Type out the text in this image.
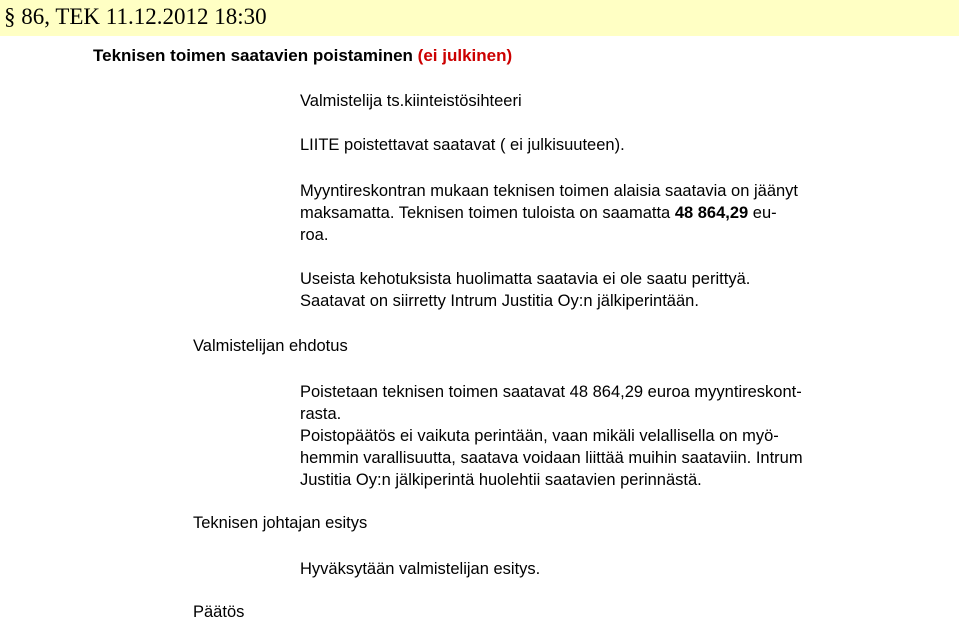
§ 86, TEK 11.12.2012 18:30
Teknisen toimen saatavien poistaminen (ei julkinen)
Valmistelija ts.kiinteistösihteeri
LIITE poistettavat saatavat ( ei julkisuuteen).
Myyntireskontran mukaan teknisen toimen alaisia saatavia on jäänyt
maksamatta. Teknisen toimen tuloista on saamatta 48 864,29 eu-
roa.
Useista kehotuksista huolimatta saatavia ei ole saatu perittyä.
Saatavat on siirretty Intrum Justitia Oy:n jälkiperintään.
Valmistelijan ehdotus
Poistetaan teknisen toimen saatavat 48 864,29 euroa myyntireskont-
rasta.
Poistopäätös ei vaikuta perintään, vaan mikäli velallisella on myö-
hemmin varallisuutta, saatava voidaan liittää muihin saataviin. Intrum
Justitia Oy:n jälkiperintä huolehtii saatavien perinnästä.
Teknisen johtajan esitys
Hyväksytään valmistelijan esitys.
Päätös
